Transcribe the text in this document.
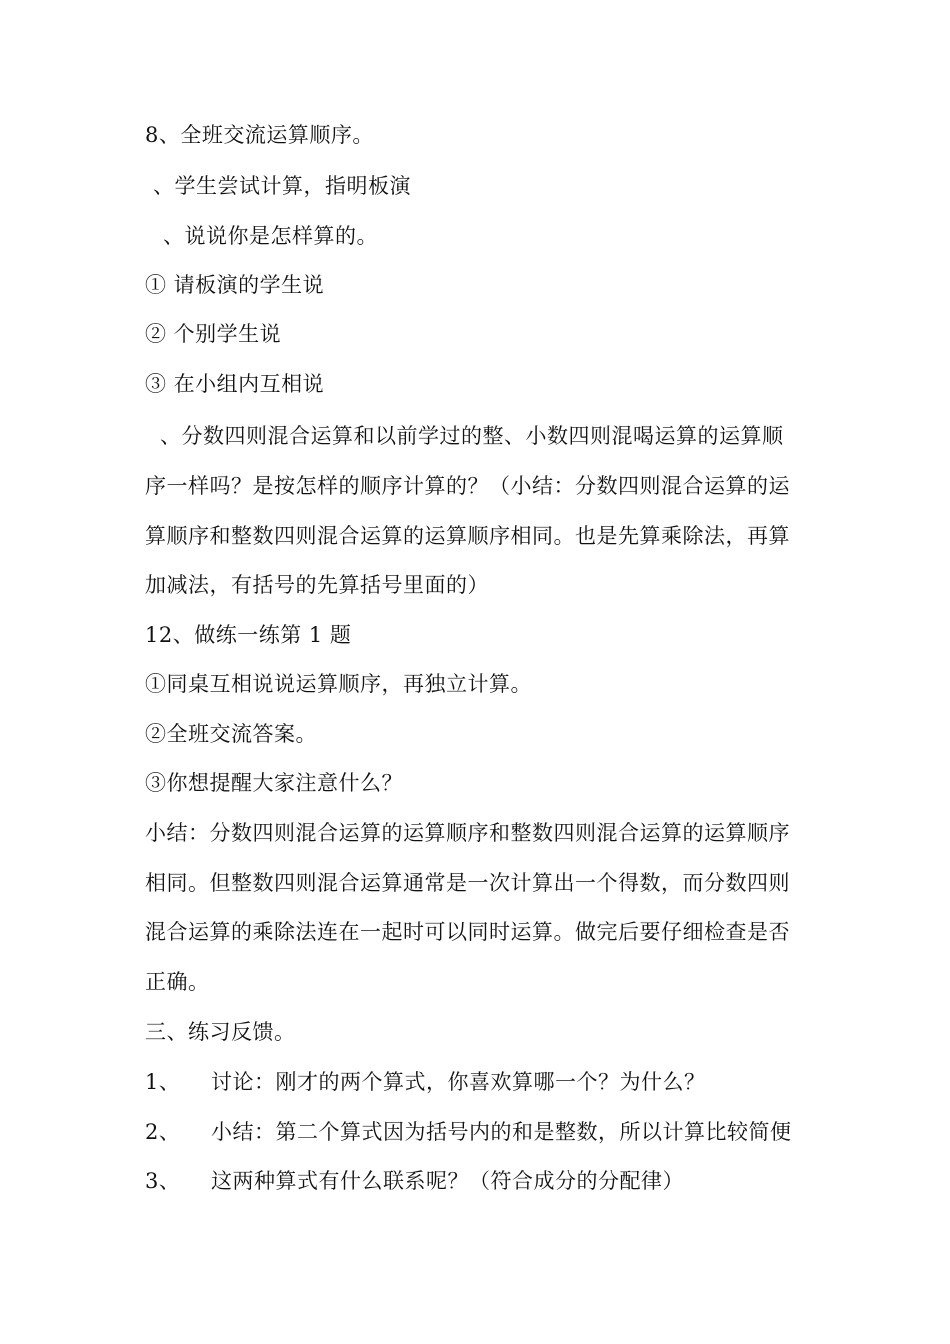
8、全班交流运算顺序。
、学生尝试计算，指明板演
、说说你是怎样算的。
① 请板演的学生说
② 个别学生说
③ 在小组内互相说
、分数四则混合运算和以前学过的整、小数四则混喝运算的运算顺
序一样吗？是按怎样的顺序计算的？（小结：分数四则混合运算的运
算顺序和整数四则混合运算的运算顺序相同。也是先算乘除法，再算
加减法，有括号的先算括号里面的）
12、做练一练第 1 题
①同桌互相说说运算顺序，再独立计算。
②全班交流答案。
③你想提醒大家注意什么？
小结：分数四则混合运算的运算顺序和整数四则混合运算的运算顺序
相同。但整数四则混合运算通常是一次计算出一个得数，而分数四则
混合运算的乘除法连在一起时可以同时运算。做完后要仔细检查是否
正确。
三、练习反馈。
1、 讨论：刚才的两个算式，你喜欢算哪一个？为什么？
2、 小结：第二个算式因为括号内的和是整数，所以计算比较简便
3、 这两种算式有什么联系呢？（符合成分的分配律）
